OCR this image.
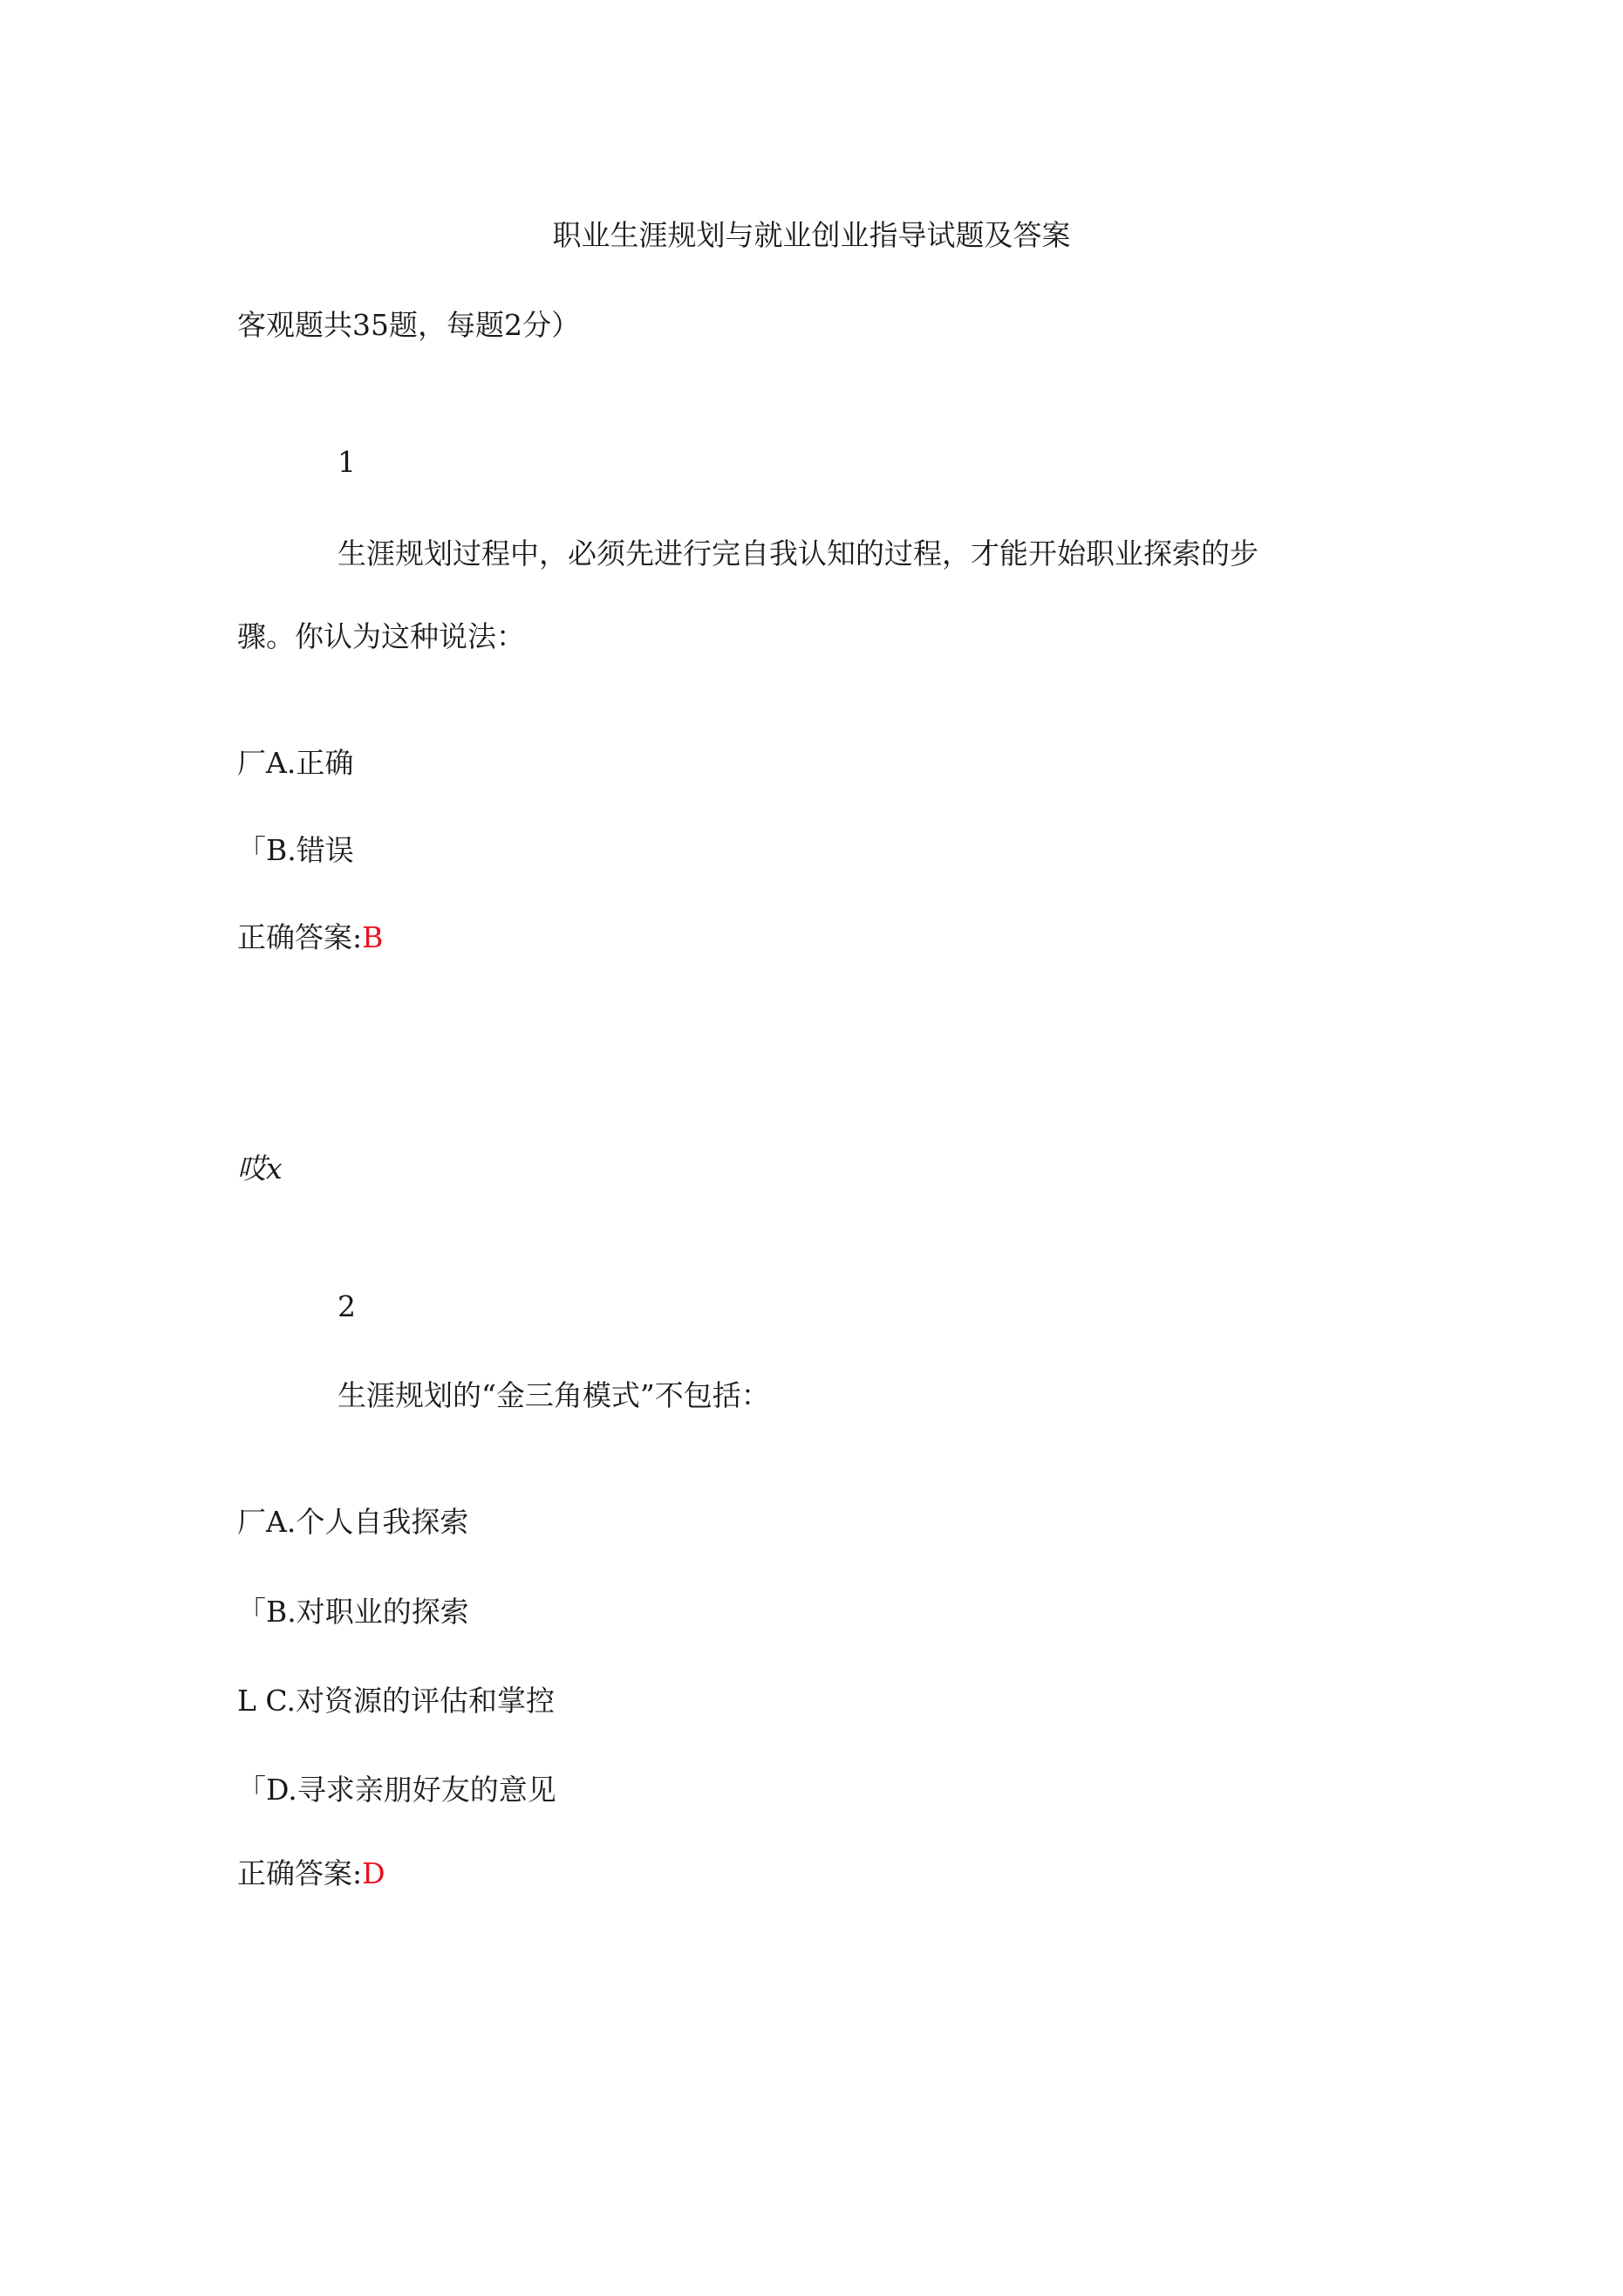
职业生涯规划与就业创业指导试题及答案
客观题共35题，每题2分）
1
生涯规划过程中，必须先进行完自我认知的过程，才能开始职业探索的步
骤。你认为这种说法：
厂A.正确
「B.错误
正确答案:B
哎x
2
生涯规划的“金三角模式”不包括：
厂A.个人自我探索
「B.对职业的探索
L C.对资源的评估和掌控
「D.寻求亲朋好友的意见
正确答案:D
